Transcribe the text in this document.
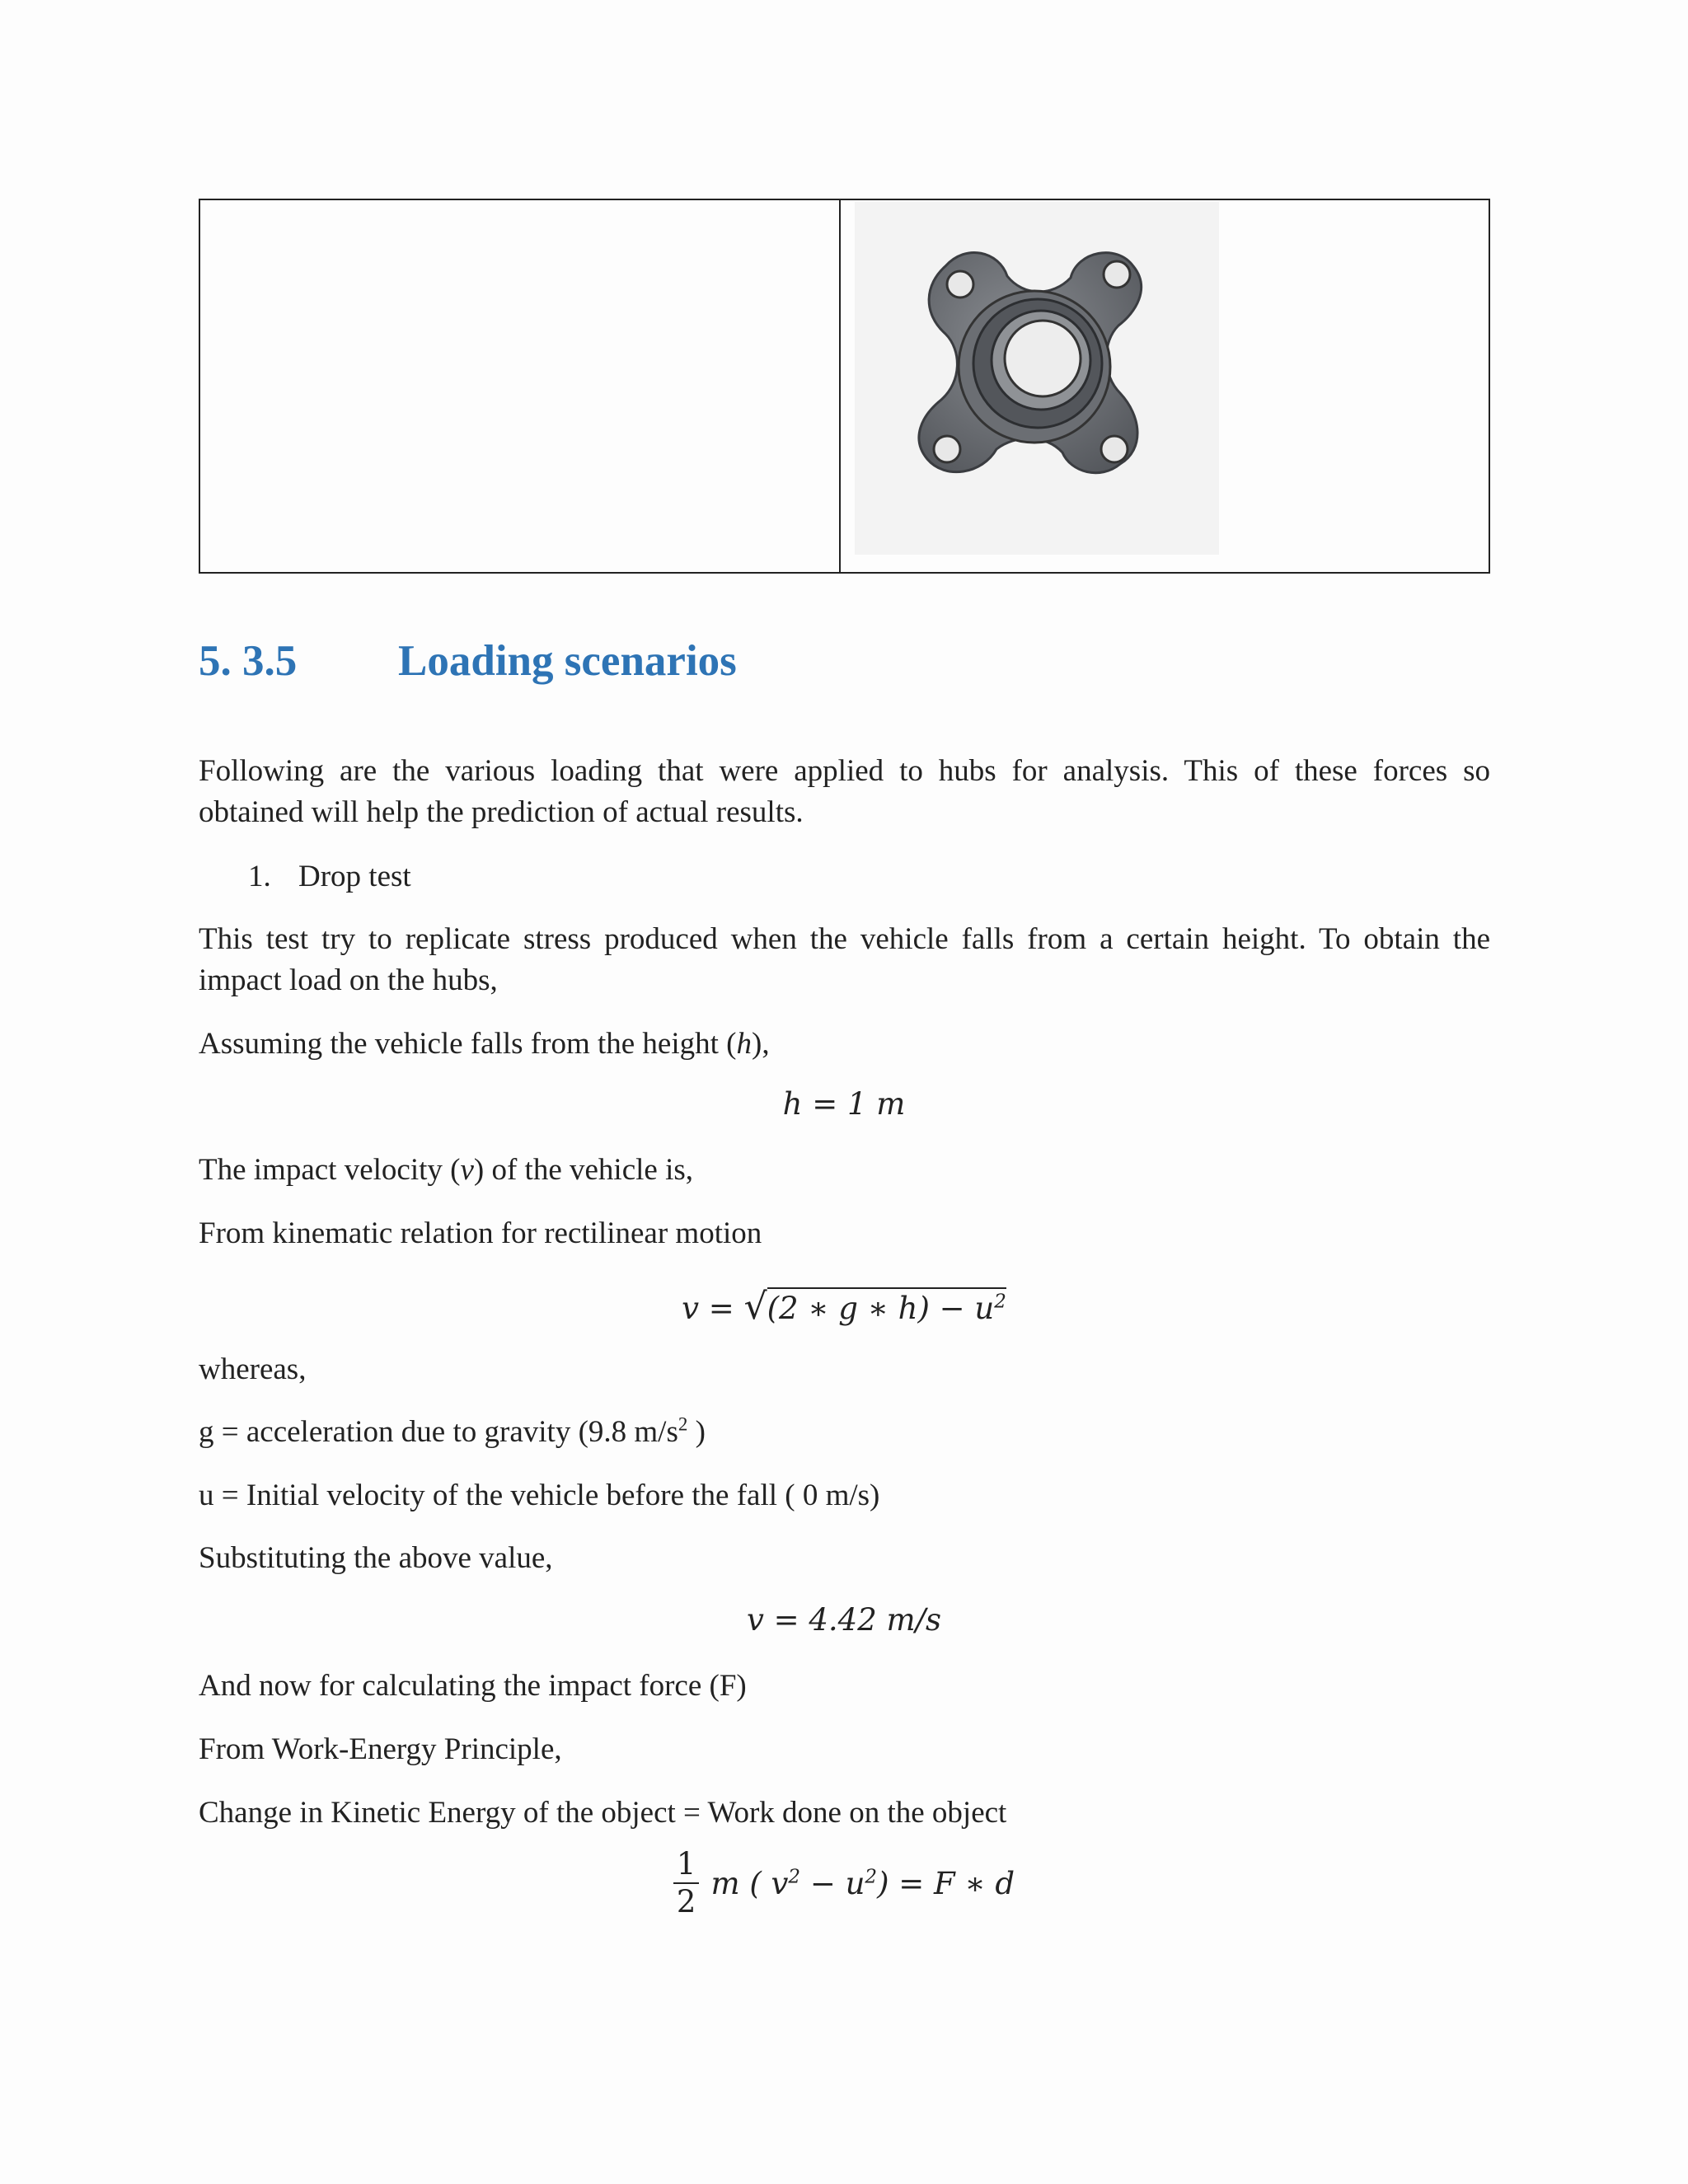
5. 3.5 Loading scenarios
Following are the various loading that were applied to hubs for analysis. This of these forces so
obtained will help the prediction of actual results.
1. Drop test
This test try to replicate stress produced when the vehicle falls from a certain height. To obtain the
impact load on the hubs,
Assuming the vehicle falls from the height (h),
h = 1 m
The impact velocity (v) of the vehicle is,
From kinematic relation for rectilinear motion
v = √(2 ∗ g ∗ $h) - u^2$
whereas,
g = acceleration due to gravity (9.8 $m/s^2$ )
u = Initial velocity of the vehicle before the fall ( 0 m/s)
Substituting the above value,
v = 4.42 m/s
And now for calculating the impact force (F)
From Work-Energy Principle,
Change in Kinetic Energy of the object = Work done on the object
$\frac{1}{2}$ m ( $v^2 - u^2) = F$ ∗ d
